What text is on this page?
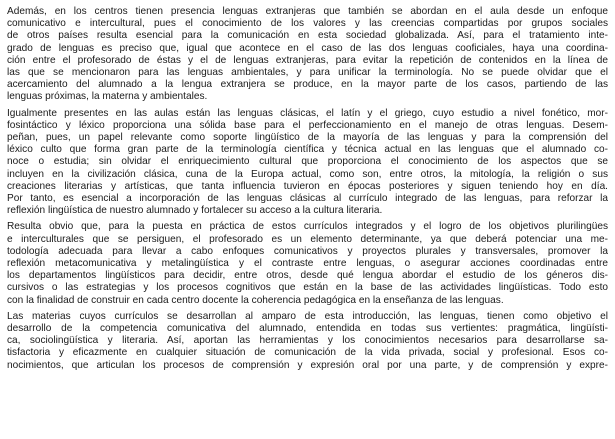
Además, en los centros tienen presencia lenguas extranjeras que también se abordan en el aula desde un enfoque
comunicativo e intercultural, pues el conocimiento de los valores y las creencias compartidas por grupos sociales
de otros países resulta esencial para la comunicación en esta sociedad globalizada. Así, para el tratamiento inte-
grado de lenguas es preciso que, igual que acontece en el caso de las dos lenguas cooficiales, haya una coordina-
ción entre el profesorado de éstas y el de lenguas extranjeras, para evitar la repetición de contenidos en la línea de
las que se mencionaron para las lenguas ambientales, y para unificar la terminología. No se puede olvidar que el
acercamiento del alumnado a la lengua extranjera se produce, en la mayor parte de los casos, partiendo de las
lenguas próximas, la materna y ambientales.

Igualmente presentes en las aulas están las lenguas clásicas, el latín y el griego, cuyo estudio a nivel fonético, mor-
fosintáctico y léxico proporciona una sólida base para el perfeccionamiento en el manejo de otras lenguas. Desem-
peñan, pues, un papel relevante como soporte lingüístico de la mayoría de las lenguas y para la comprensión del
léxico culto que forma gran parte de la terminología científica y técnica actual en las lenguas que el alumnado co-
noce o estudia; sin olvidar el enriquecimiento cultural que proporciona el conocimiento de los aspectos que se
incluyen en la civilización clásica, cuna de la Europa actual, como son, entre otros, la mitología, la religión o sus
creaciones literarias y artísticas, que tanta influencia tuvieron en épocas posteriores y siguen teniendo hoy en día.
Por tanto, es esencial a incorporación de las lenguas clásicas al currículo integrado de las lenguas, para reforzar la
reflexión lingüística de nuestro alumnado y fortalecer su acceso a la cultura literaria.

Resulta obvio que, para la puesta en práctica de estos currículos integrados y el logro de los objetivos plurilingües
e interculturales que se persiguen, el profesorado es un elemento determinante, ya que deberá potenciar una me-
todología adecuada para llevar a cabo enfoques comunicativos y proyectos plurales y transversales, promover la
reflexión metacomunicativa y metalingüística y el contraste entre lenguas, o asegurar acciones coordinadas entre
los departamentos lingüísticos para decidir, entre otros, desde qué lengua abordar el estudio de los géneros dis-
cursivos o las estrategias y los procesos cognitivos que están en la base de las actividades lingüísticas. Todo esto
con la finalidad de construir en cada centro docente la coherencia pedagógica en la enseñanza de las lenguas.

Las materias cuyos currículos se desarrollan al amparo de esta introducción, las lenguas, tienen como objetivo el
desarrollo de la competencia comunicativa del alumnado, entendida en todas sus vertientes: pragmática, lingüísti-
ca, sociolingüística y literaria. Así, aportan las herramientas y los conocimientos necesarios para desarrollarse sa-
tisfactoria y eficazmente en cualquier situación de comunicación de la vida privada, social y profesional. Esos co-
nocimientos, que articulan los procesos de comprensión y expresión oral por una parte, y de comprensión y expre-
